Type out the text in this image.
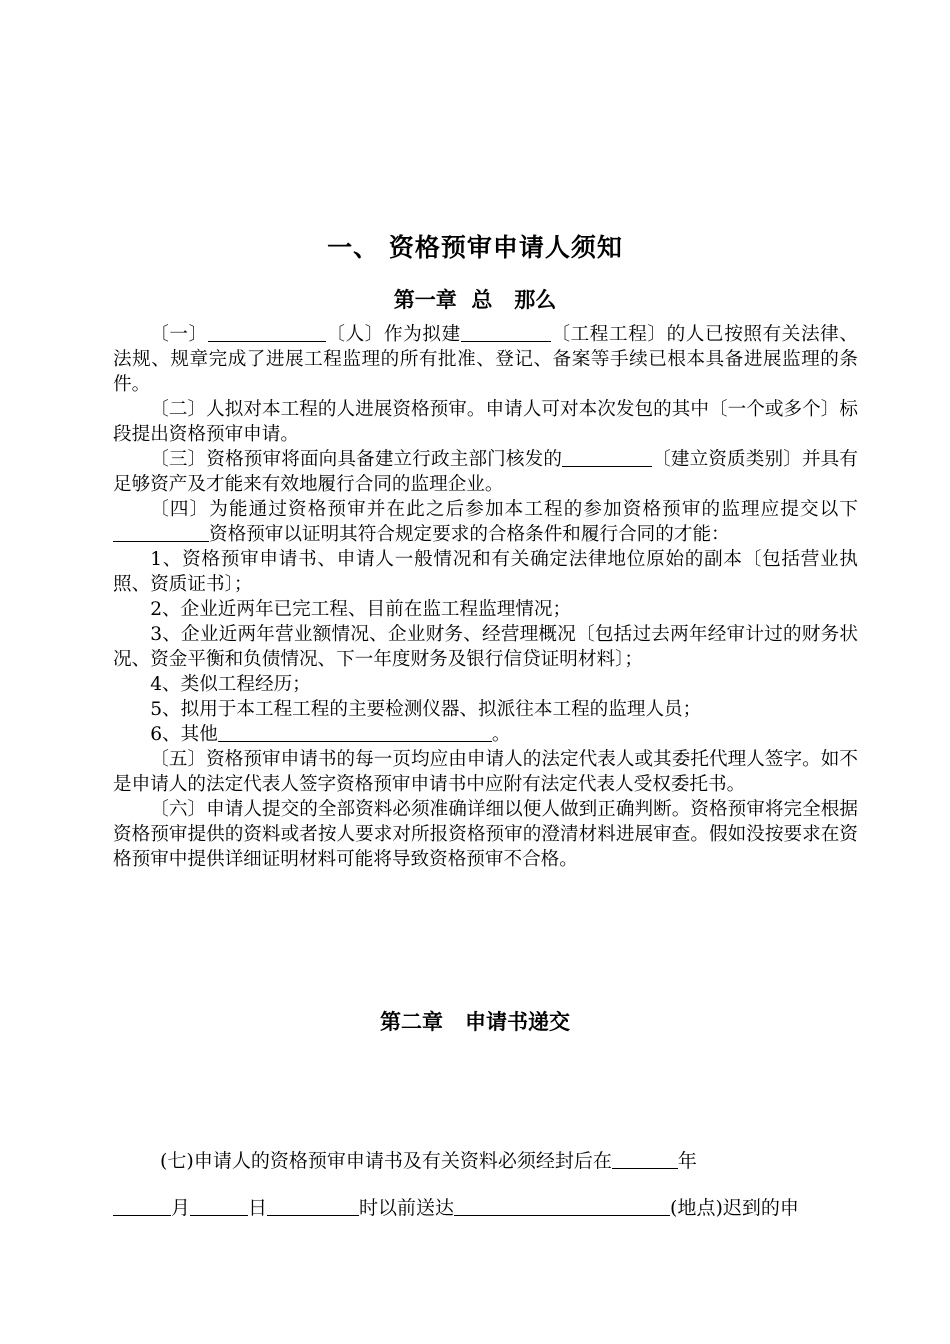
一、 资格预审申请人须知
第一章  总   那么

〔一〕	〔人〕作为拟建	〔工程工程〕的人已按照有关法律、法规、规章完成了进展工程监理的所有批准、登记、备案等手续已根本具备进展监理的条件。

〔二〕人拟对本工程的人进展资格预审。申请人可对本次发包的其中〔一个或多个〕标段提出资格预审申请。

〔三〕资格预审将面向具备建立行政主部门核发的	〔建立资质类别〕并具有足够资产及才能来有效地履行合同的监理企业。

〔四〕为能通过资格预审并在此之后参加本工程的参加资格预审的监理应提交以下资格预审以证明其符合规定要求的合格条件和履行合同的才能：

1、资格预审申请书、申请人一般情况和有关确定法律地位原始的副本〔包括营业执照、资质证书〕；

2、企业近两年已完工程、目前在监工程监理情况；

3、企业近两年营业额情况、企业财务、经营理概况〔包括过去两年经审计过的财务状况、资金平衡和负债情况、下一年度财务及银行信贷证明材料〕；

4、类似工程经历；

5、拟用于本工程工程的主要检测仪器、拟派往本工程的监理人员；

6、其他	。

〔五〕资格预审申请书的每一页均应由申请人的法定代表人或其委托代理人签字。如不是申请人的法定代表人签字资格预审申请书中应附有法定代表人受权委托书。

〔六〕申请人提交的全部资料必须准确详细以便人做到正确判断。资格预审将完全根据资格预审提供的资料或者按人要求对所报资格预审的澄清材料进展审查。假如没按要求在资格预审中提供详细证明材料可能将导致资格预审不合格。

第二章   申请书递交
(七)申请人的资格预审申请书及有关资料必须经封后在	年
月	日	时以前送达	(地点)迟到的申
